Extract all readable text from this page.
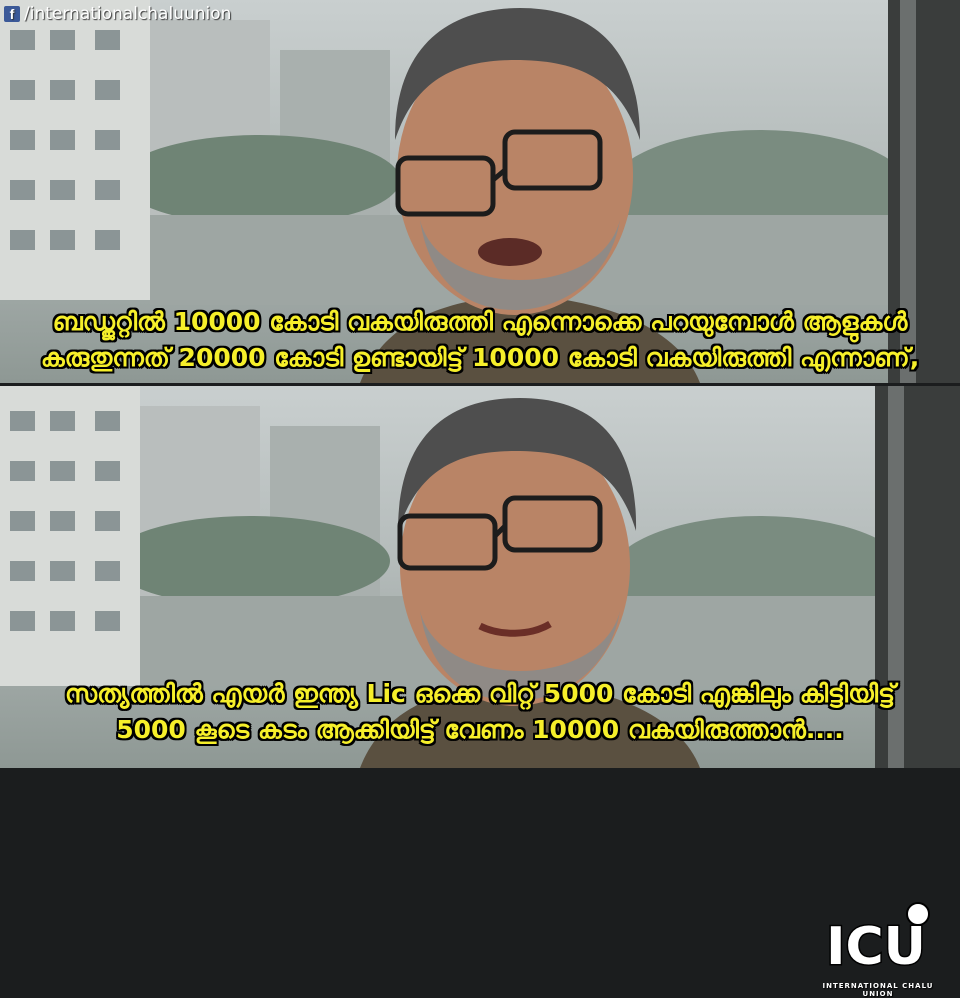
f /internationalchaluunion
ബഡ്ജറ്റിൽ 10000 കോടി വകയിരുത്തി എന്നൊക്കെ പറയുമ്പോൾ ആളുകൾ
കരുതുന്നത് 20000 കോടി ഉണ്ടായിട്ട് 10000 കോടി വകയിരുത്തി എന്നാണ്,
ICU
INTERNATIONAL CHALU UNION
സത്യത്തിൽ എയർ ഇന്ത്യ Lic ഒക്കെ വിറ്റ് 5000 കോടി എങ്കിലും കിട്ടിയിട്ട്
5000 കൂടെ കടം ആക്കിയിട്ട് വേണം 10000 വകയിരുത്താൻ....
